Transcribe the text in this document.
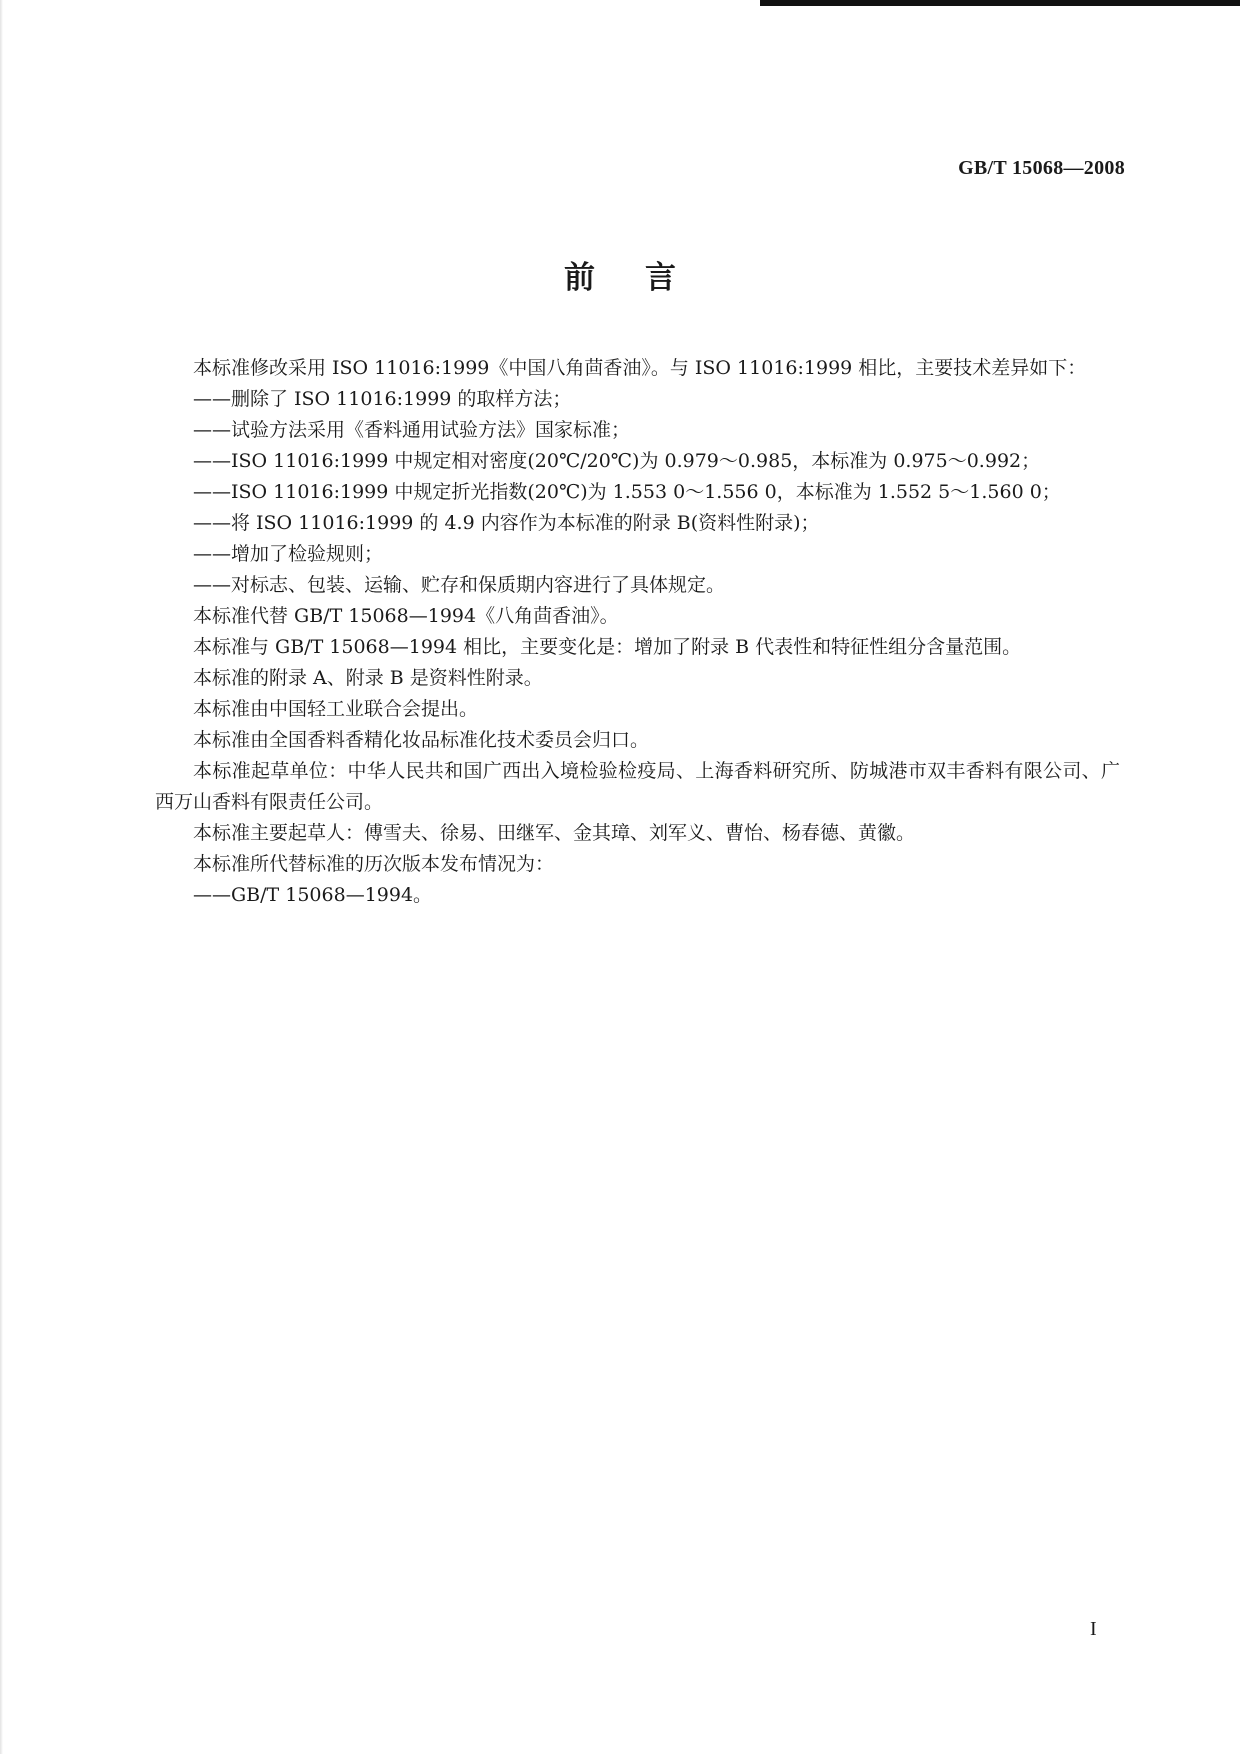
GB/T 15068—2008
前言

本标准修改采用 ISO 11016:1999《中国八角茴香油》。与 ISO 11016:1999 相比，主要技术差异如下：

——删除了 ISO 11016:1999 的取样方法；

——试验方法采用《香料通用试验方法》国家标准；

——ISO 11016:1999 中规定相对密度(20℃/20℃)为 0.979～0.985，本标准为 0.975～0.992；

——ISO 11016:1999 中规定折光指数(20℃)为 1.553 0～1.556 0，本标准为 1.552 5～1.560 0；

——将 ISO 11016:1999 的 4.9 内容作为本标准的附录 B(资料性附录)；

——增加了检验规则；

——对标志、包装、运输、贮存和保质期内容进行了具体规定。

本标准代替 GB/T 15068—1994《八角茴香油》。

本标准与 GB/T 15068—1994 相比，主要变化是：增加了附录 B 代表性和特征性组分含量范围。

本标准的附录 A、附录 B 是资料性附录。

本标准由中国轻工业联合会提出。

本标准由全国香料香精化妆品标准化技术委员会归口。

本标准起草单位：中华人民共和国广西出入境检验检疫局、上海香料研究所、防城港市双丰香料有限公司、广西万山香料有限责任公司。

本标准主要起草人：傅雪夫、徐易、田继军、金其璋、刘军义、曹怡、杨春德、黄徽。

本标准所代替标准的历次版本发布情况为：

——GB/T 15068—1994。

I
